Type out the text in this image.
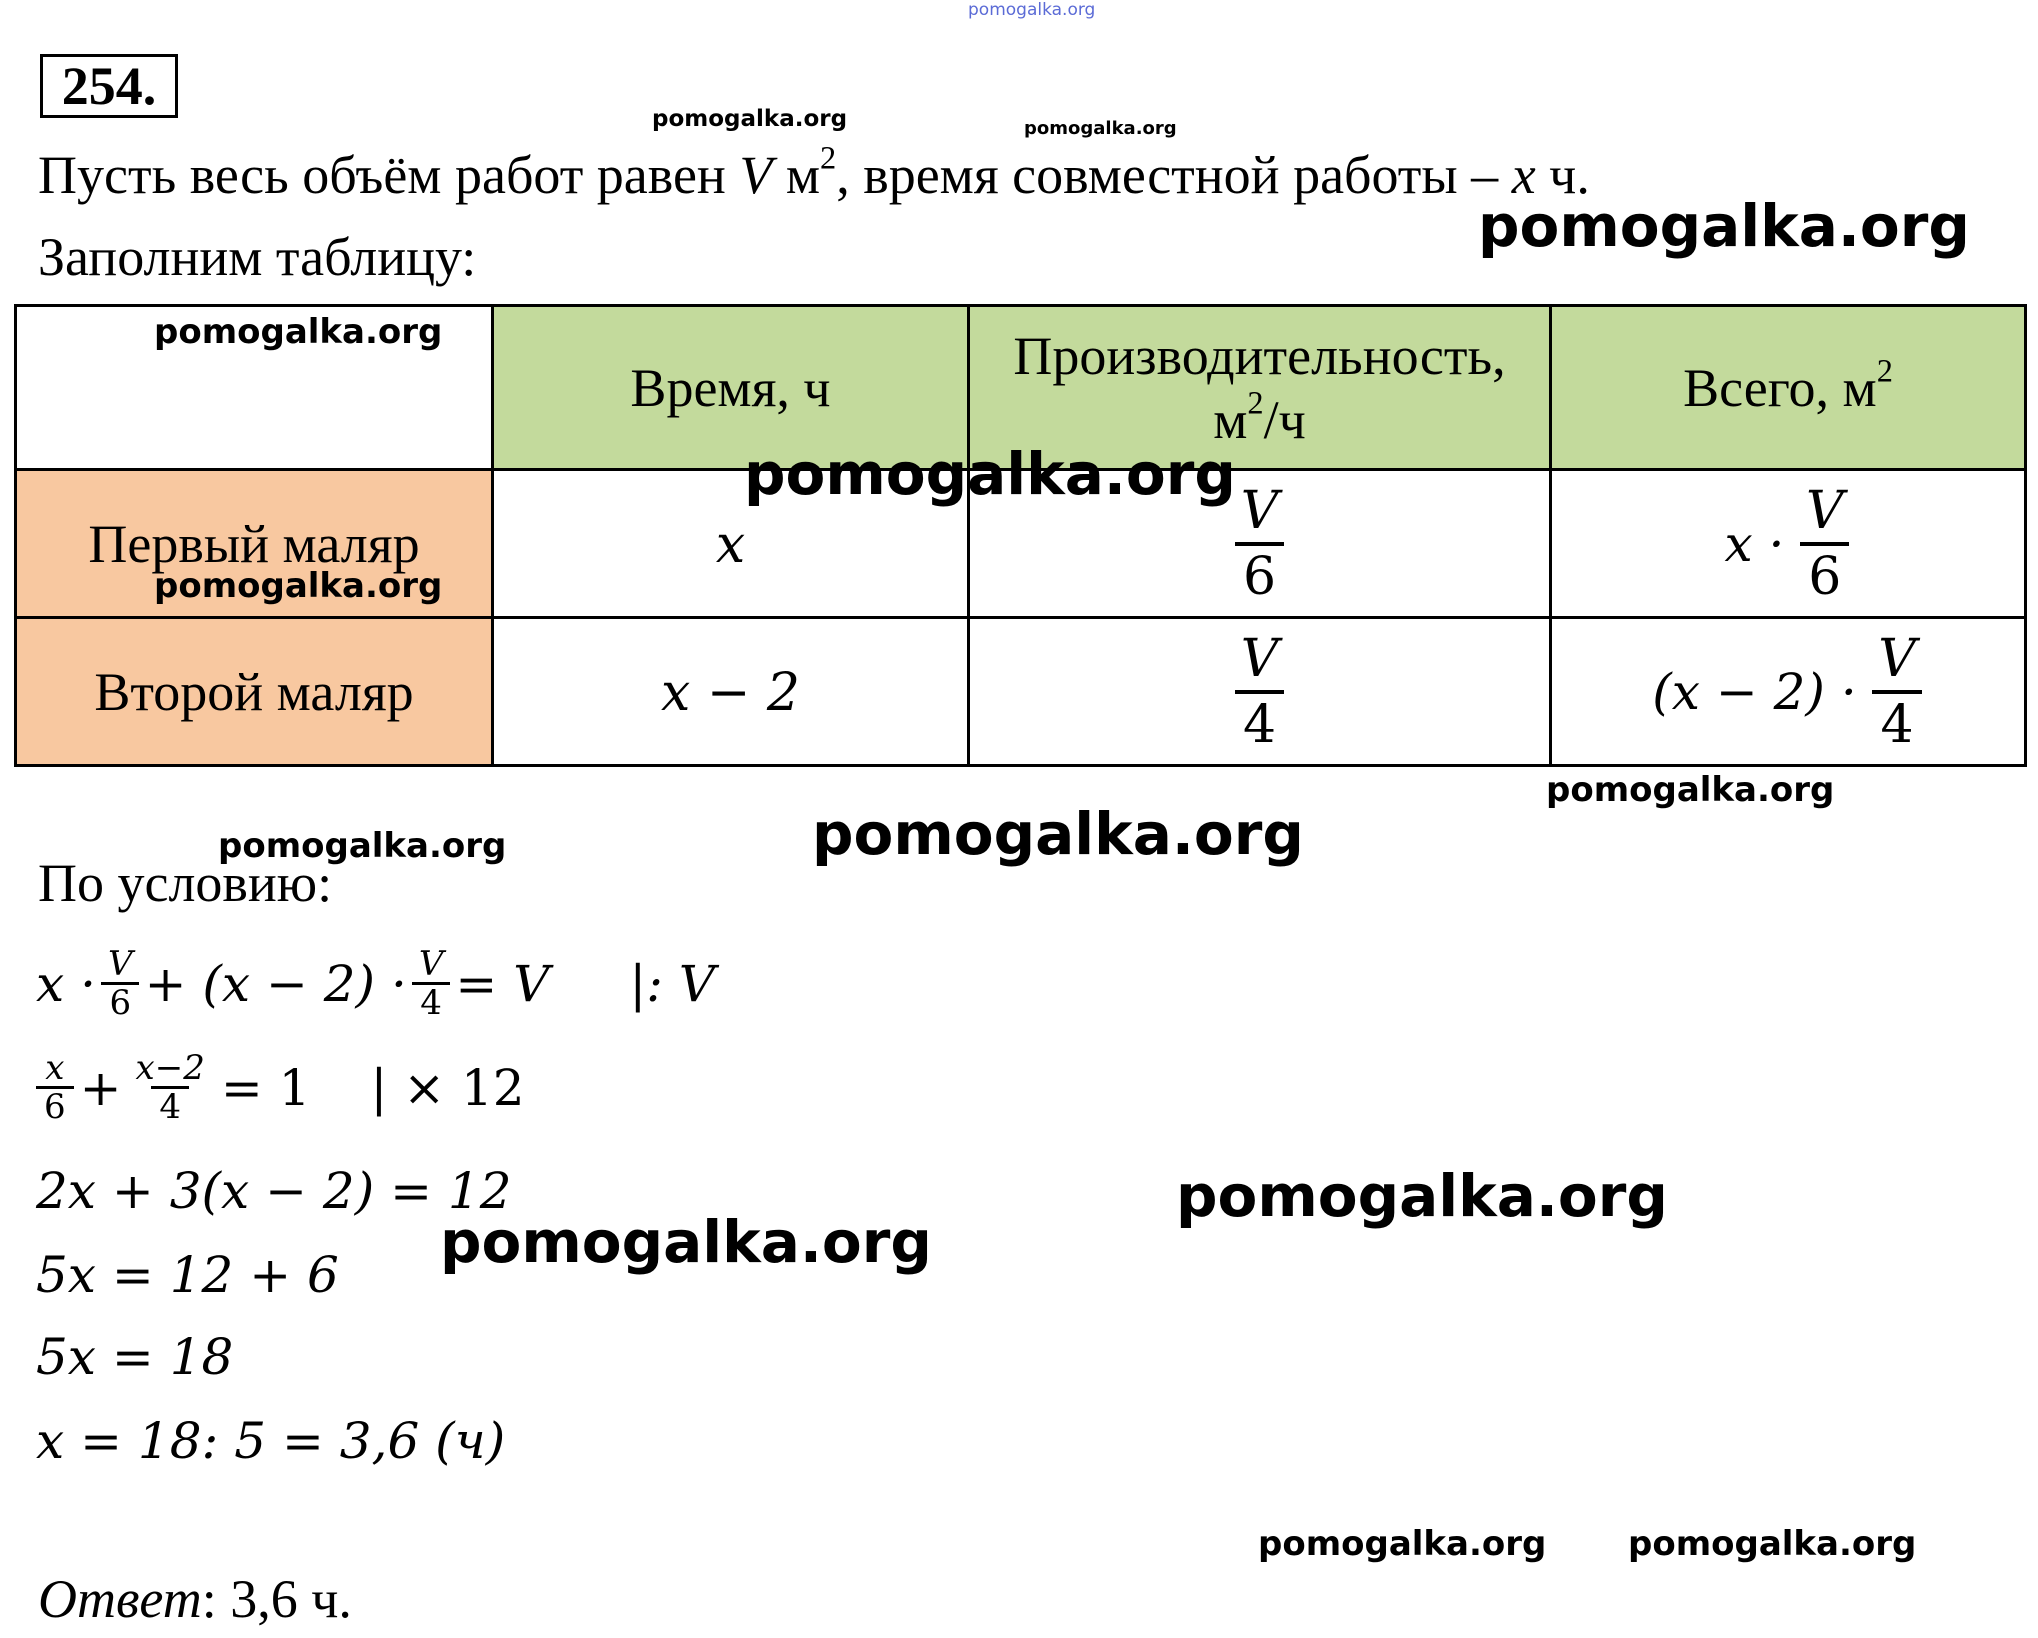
pomogalka.org
254.
pomogalka.org	pomogalka.org
Пусть весь объём работ равен V $м^2$, время совместной работы – x ч.
pomogalka.org
Заполним таблицу:
	Время, ч	Производительность,
$м^2/ч$	Всего, $м^2$
Первый маляр	x	$\frac{V}{6}$	$x \cdot \frac{V}{6}$

Второй маляр	x − 2	$\frac{V}{4}$	$(x - 2) \cdot \frac{V}{4}$
pomogalka.org
pomogalka.org
pomogalka.org
pomogalka.org
pomogalka.org	pomogalka.org
По условию:
$x \cdot \frac{V}{6} + (x - 2) \cdot \frac{V}{4} = V$ |: V
$\frac{x}{6} + \frac{x-2}{4} = 1$ | × 12
2x + 3(x − 2) = 12	pomogalka.org
pomogalka.org
5x = 12 + 6
5x = 18
x = 18: 5 = 3,6 (ч)
pomogalka.org pomogalka.org
Ответ: 3,6 ч.
